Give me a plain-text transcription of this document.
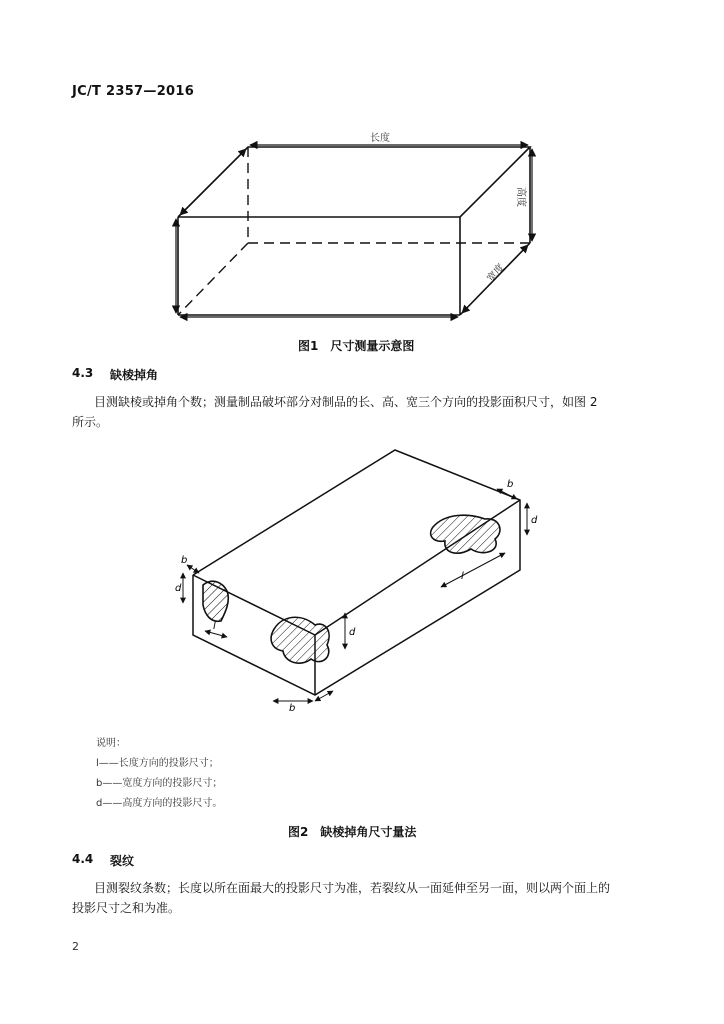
JC/T 2357—2016
长度
高度
宽度
图1　尺寸测量示意图
4.3 缺棱掉角
目测缺棱或掉角个数；测量制品破坏部分对制品的长、高、宽三个方向的投影面积尺寸，如图 2
所示。
d
l
b
d
b
l
d
b
说明：
l——长度方向的投影尺寸；
b——宽度方向的投影尺寸；
d——高度方向的投影尺寸。
图2　缺棱掉角尺寸量法
4.4 裂纹
目测裂纹条数；长度以所在面最大的投影尺寸为准，若裂纹从一面延伸至另一面，则以两个面上的
投影尺寸之和为准。
2
